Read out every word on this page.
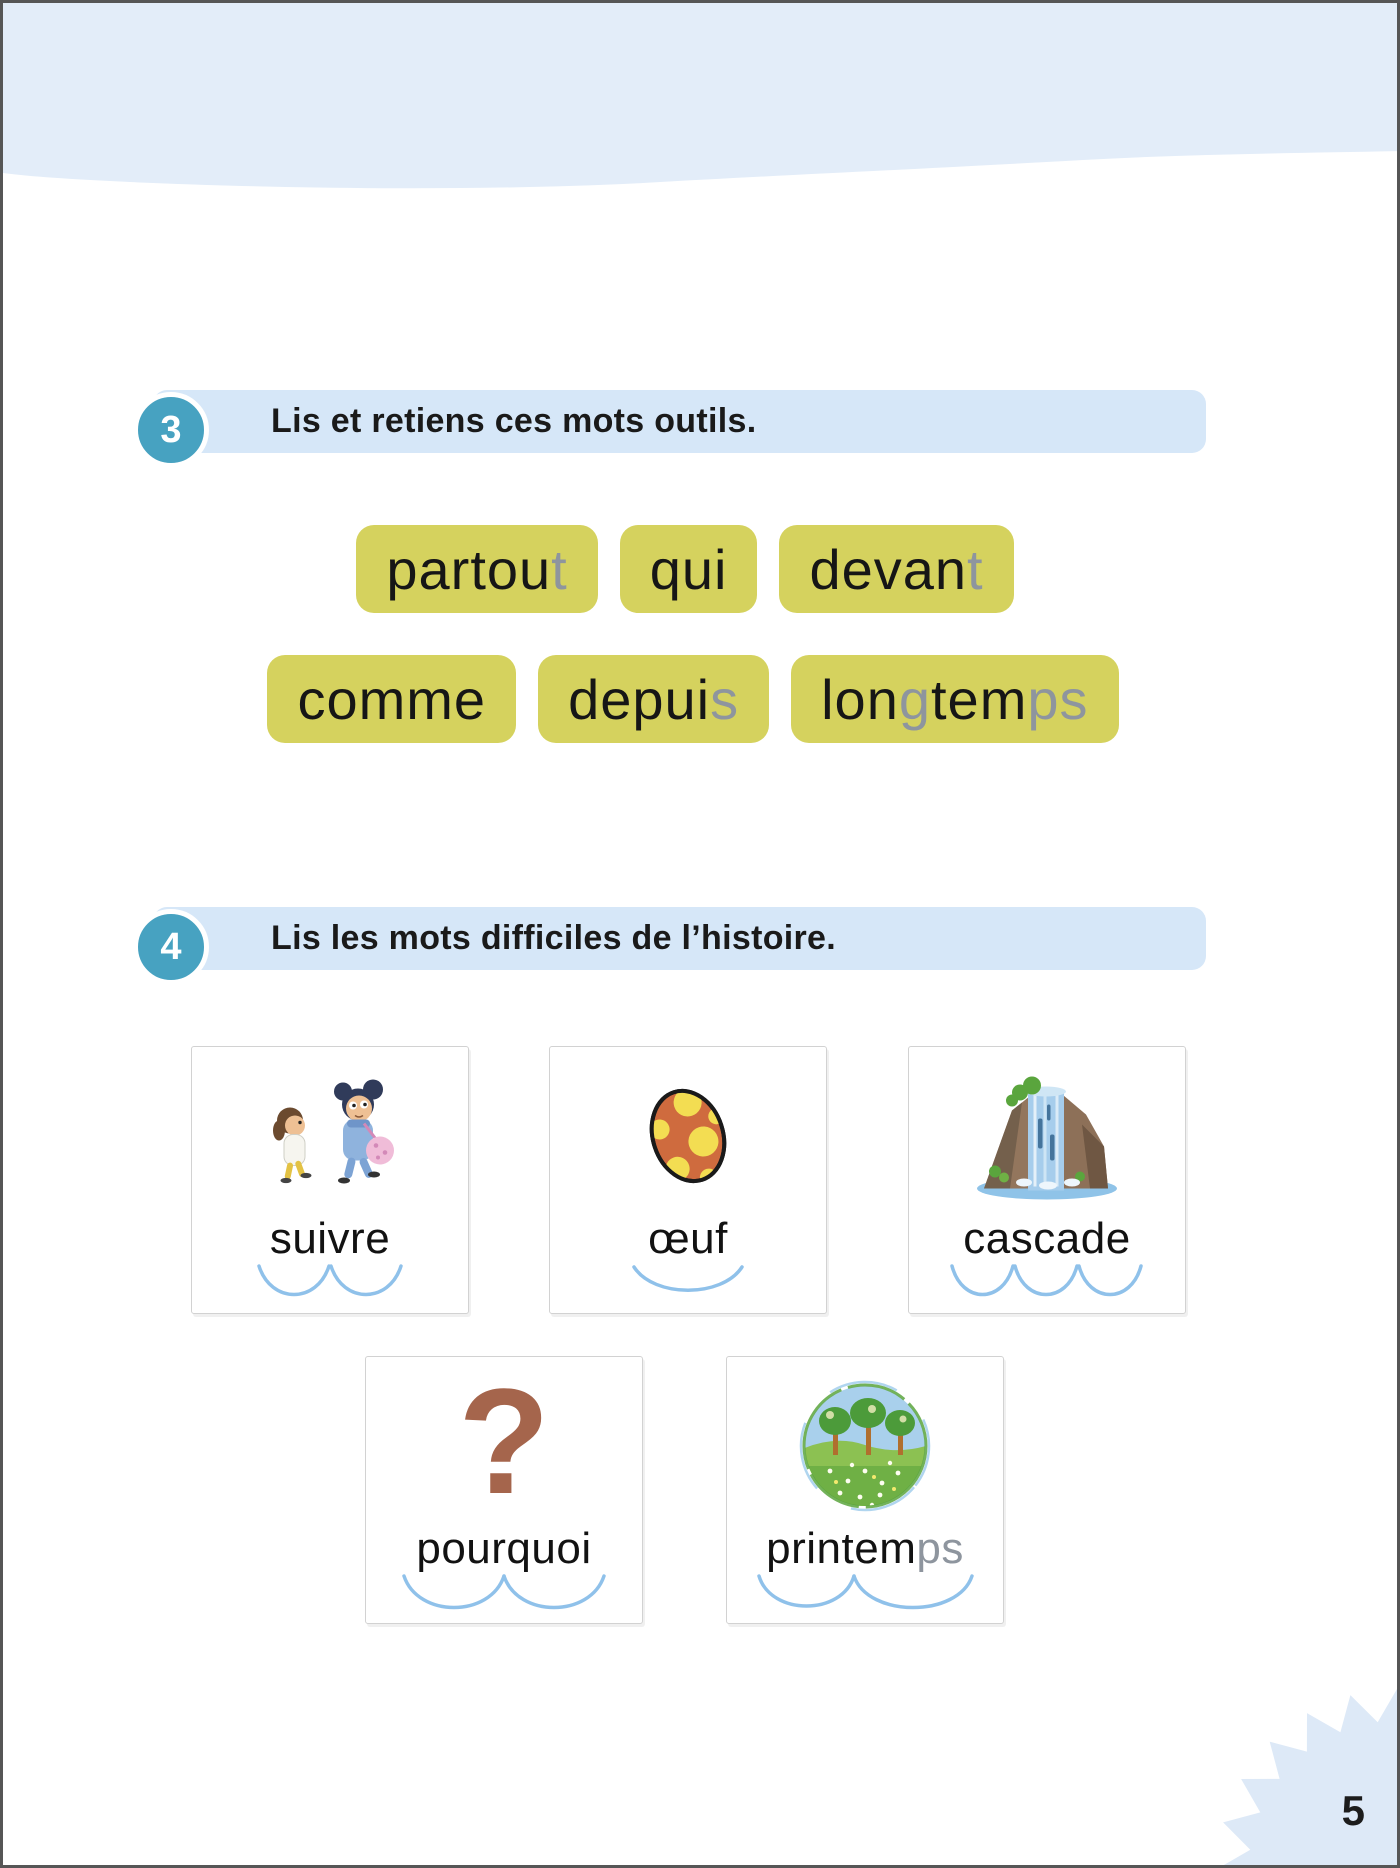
3	Lis et retiens ces mots outils.
partou t qui devan t
comme depui s lon g tem ps
4	Lis les mots difficiles de l’histoire.
suivre	œuf	cascade
?
pourquoi	printemps
5
